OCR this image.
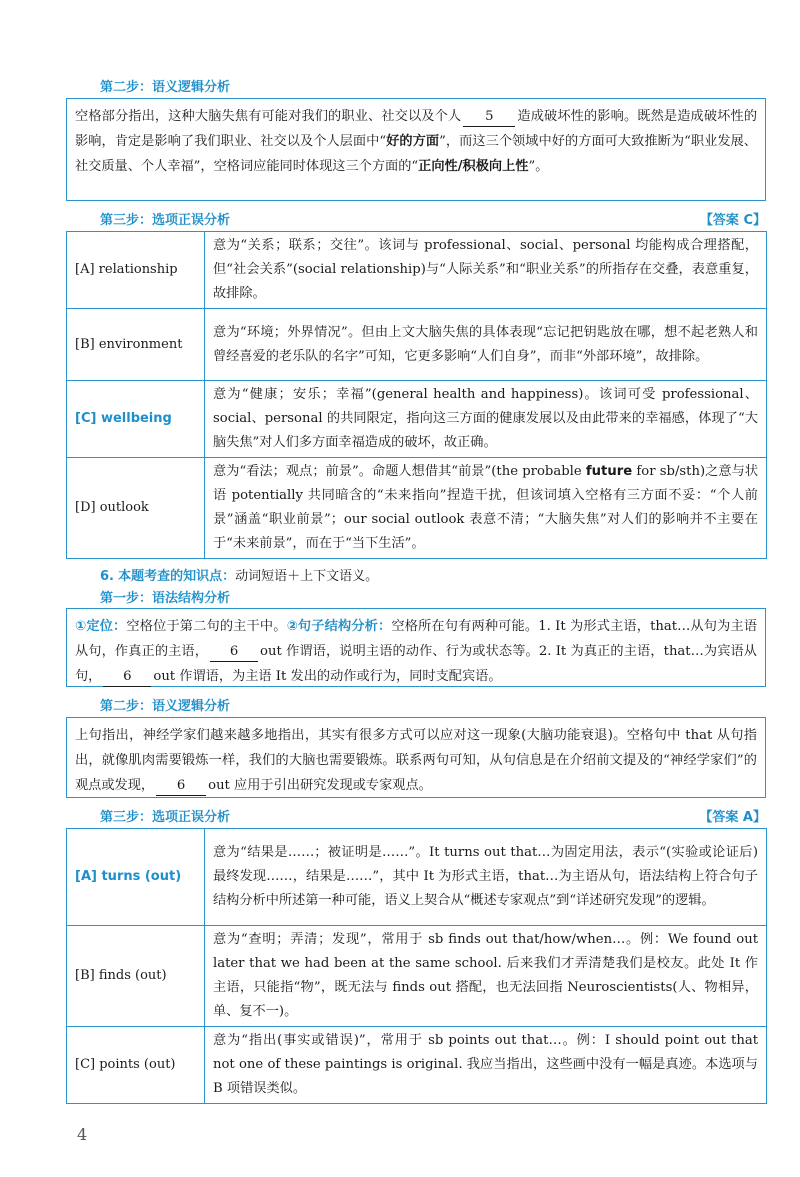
第二步：语义逻辑分析
空格部分指出，这种大脑失焦有可能对我们的职业、社交以及个人 5 造成破坏性的影响。既然是造成破坏性的影响，肯定是影响了我们职业、社交以及个人层面中“好的方面”，而这三个领域中好的方面可大致推断为“职业发展、社交质量、个人幸福”，空格词应能同时体现这三个方面的“正向性/积极向上性”。
第三步：选项正误分析	【答案 C】
[A] relationship	意为“关系；联系；交往”。该词与 professional、social、personal 均能构成合理搭配，但“社会关系”(social relationship)与“人际关系”和“职业关系”的所指存在交叠，表意重复，故排除。
[B] environment	意为“环境；外界情况”。但由上文大脑失焦的具体表现“忘记把钥匙放在哪，想不起老熟人和曾经喜爱的老乐队的名字”可知，它更多影响“人们自身”，而非“外部环境”，故排除。
[C] wellbeing	意为“健康；安乐；幸福”(general health and happiness)。该词可受 professional、social、personal 的共同限定，指向这三方面的健康发展以及由此带来的幸福感，体现了“大脑失焦”对人们多方面幸福造成的破坏，故正确。
[D] outlook	意为“看法；观点；前景”。命题人想借其“前景”(the probable future for sb/sth)之意与状语 potentially 共同暗含的“未来指向”捏造干扰，但该词填入空格有三方面不妥：“个人前景”涵盖“职业前景”；our social outlook 表意不清；“大脑失焦”对人们的影响并不主要在于“未来前景”，而在于“当下生活”。
6. 本题考查的知识点：动词短语＋上下文语义。
第一步：语法结构分析
①定位：空格位于第二句的主干中。②句子结构分析：空格所在句有两种可能。1. It 为形式主语，that…从句为主语从句，作真正的主语， 6 out 作谓语，说明主语的动作、行为或状态等。2. It 为真正的主语，that…为宾语从句， 6 out 作谓语，为主语 It 发出的动作或行为，同时支配宾语。
第二步：语义逻辑分析
上句指出，神经学家们越来越多地指出，其实有很多方式可以应对这一现象(大脑功能衰退)。空格句中 that 从句指出，就像肌肉需要锻炼一样，我们的大脑也需要锻炼。联系两句可知，从句信息是在介绍前文提及的“神经学家们”的观点或发现， 6 out 应用于引出研究发现或专家观点。
第三步：选项正误分析	【答案 A】
[A] turns (out)	意为“结果是……；被证明是……”。It turns out that…为固定用法，表示“(实验或论证后)最终发现……，结果是……”，其中 It 为形式主语，that…为主语从句，语法结构上符合句子结构分析中所述第一种可能，语义上契合从“概述专家观点”到“详述研究发现”的逻辑。
[B] finds (out)	意为“查明；弄清；发现”，常用于 sb finds out that/how/when…。例：We found out later that we had been at the same school. 后来我们才弄清楚我们是校友。此处 It 作主语，只能指“物”，既无法与 finds out 搭配，也无法回指 Neuroscientists(人、物相异，单、复不一)。
[C] points (out)	意为“指出(事实或错误)”，常用于 sb points out that…。例：I should point out that not one of these paintings is original. 我应当指出，这些画中没有一幅是真迹。本选项与 B 项错误类似。
4
